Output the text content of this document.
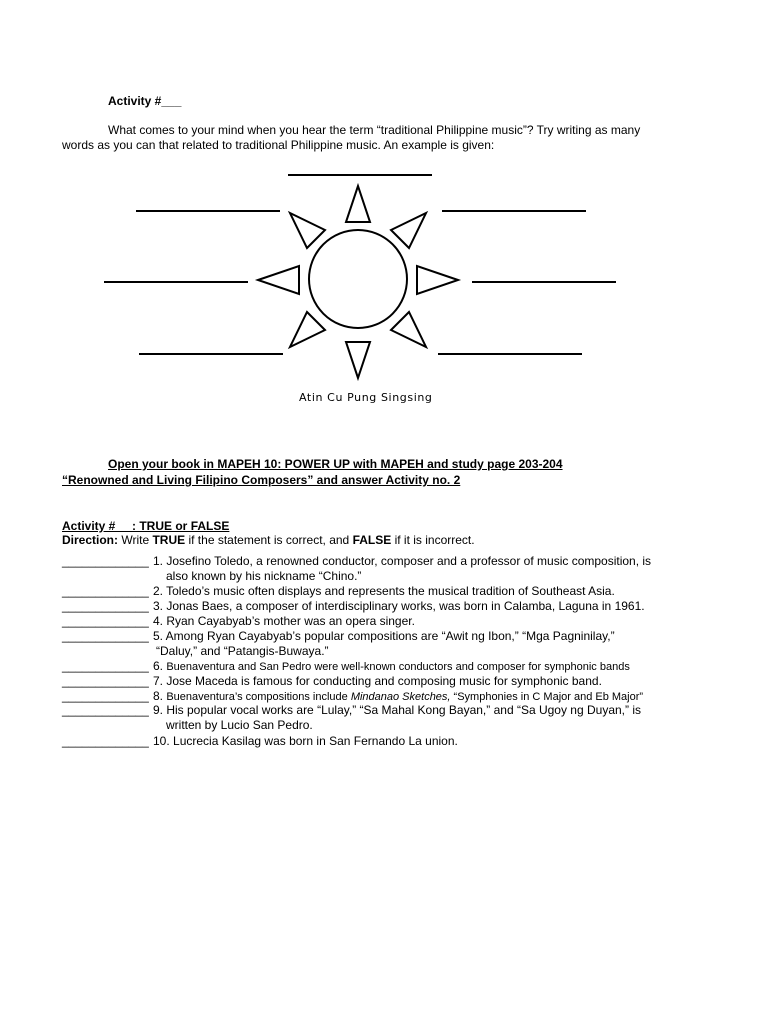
Activity #___
What comes to your mind when you hear the term “traditional Philippine music”? Try writing as many
words as you can that related to traditional Philippine music. An example is given:
Atin Cu Pung Singsing
Open your book in MAPEH 10: POWER UP with MAPEH and study page 203-204
“Renowned and Living Filipino Composers” and answer Activity no. 2
Activity #     : TRUE or FALSE
Direction: Write TRUE if the statement is correct, and FALSE if it is incorrect.
_____________ 1. Josefino Toledo, a renowned conductor, composer and a professor of music composition, is
also known by his nickname “Chino.”
_____________ 2. Toledo’s music often displays and represents the musical tradition of Southeast Asia.
_____________ 3. Jonas Baes, a composer of interdisciplinary works, was born in Calamba, Laguna in 1961.
_____________ 4. Ryan Cayabyab’s mother was an opera singer.
_____________ 5. Among Ryan Cayabyab’s popular compositions are “Awit ng Ibon,” “Mga Pagninilay,”
“Daluy,” and “Patangis-Buwaya.”
_____________ 6. Buenaventura and San Pedro were well-known conductors and composer for symphonic bands
_____________ 7. Jose Maceda is famous for conducting and composing music for symphonic band.
_____________ 8. Buenaventura’s compositions include Mindanao Sketches, “Symphonies in C Major and Eb Major”
_____________ 9. His popular vocal works are “Lulay,” “Sa Mahal Kong Bayan,” and “Sa Ugoy ng Duyan,” is
written by Lucio San Pedro.
_____________ 10. Lucrecia Kasilag was born in San Fernando La union.
